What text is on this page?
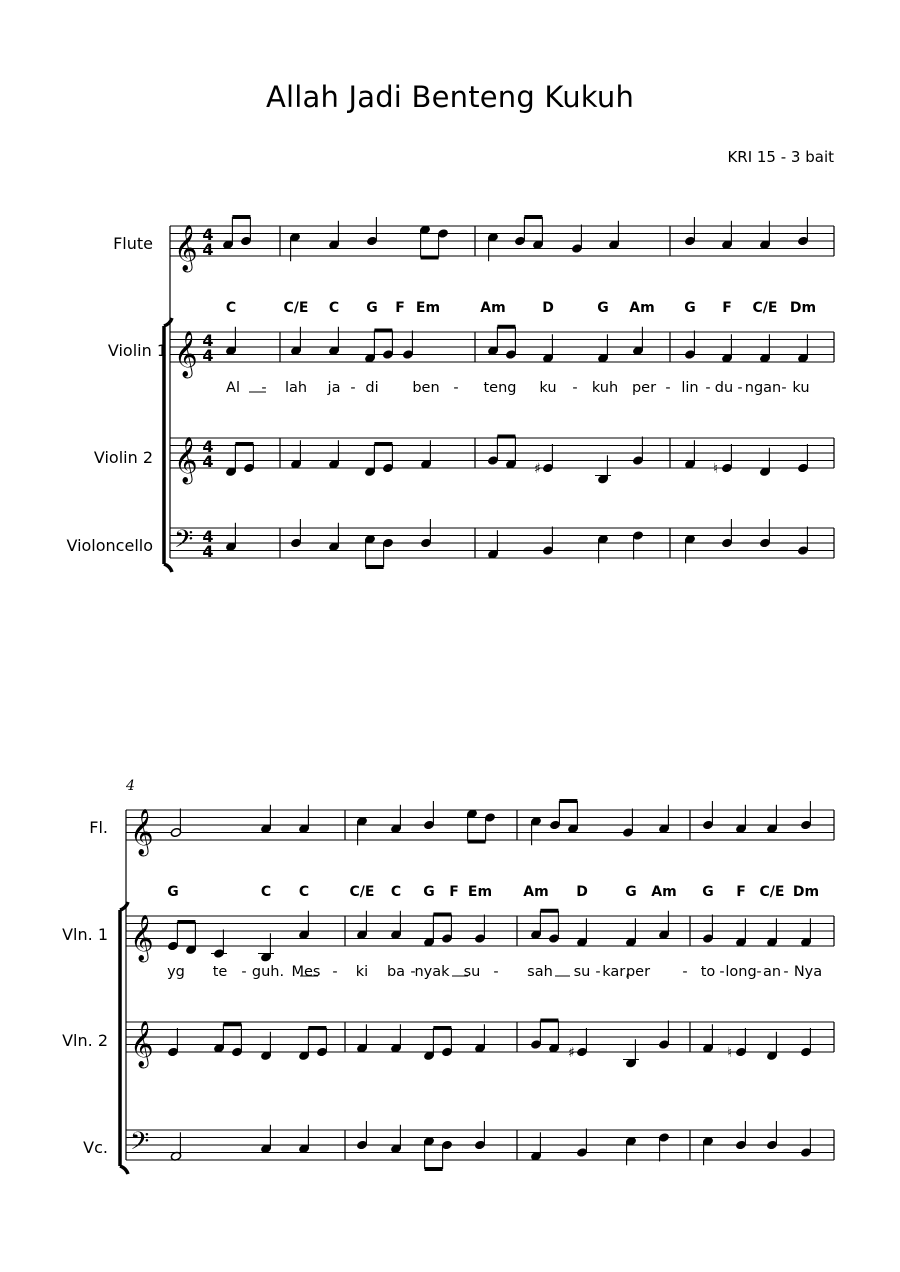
Allah Jadi Benteng Kukuh
KRI 15 - 3 bait
Flute
Violin 1
Violin 2
Violoncello
Fl.
Vln. 1
Vln. 2
Vc.
4
C	C/E C G F Em	Am	D	G Am G F C/E Dm
Al - lah ja - di ben - teng ku - kuh per - lin - du - ngan - ku
G	C C	C/E C G F Em Am D	G Am G F C/E Dm
yg te - guh. Mes - ki ba -
nyak su - sah su - kar,
per - to - long - an - Nya
𝄞
𝄞
𝄞
𝄢
4
4
4
4
4
4
4
4
♯	♮
𝄞
𝄞
𝄞
𝄢
♯	♮
